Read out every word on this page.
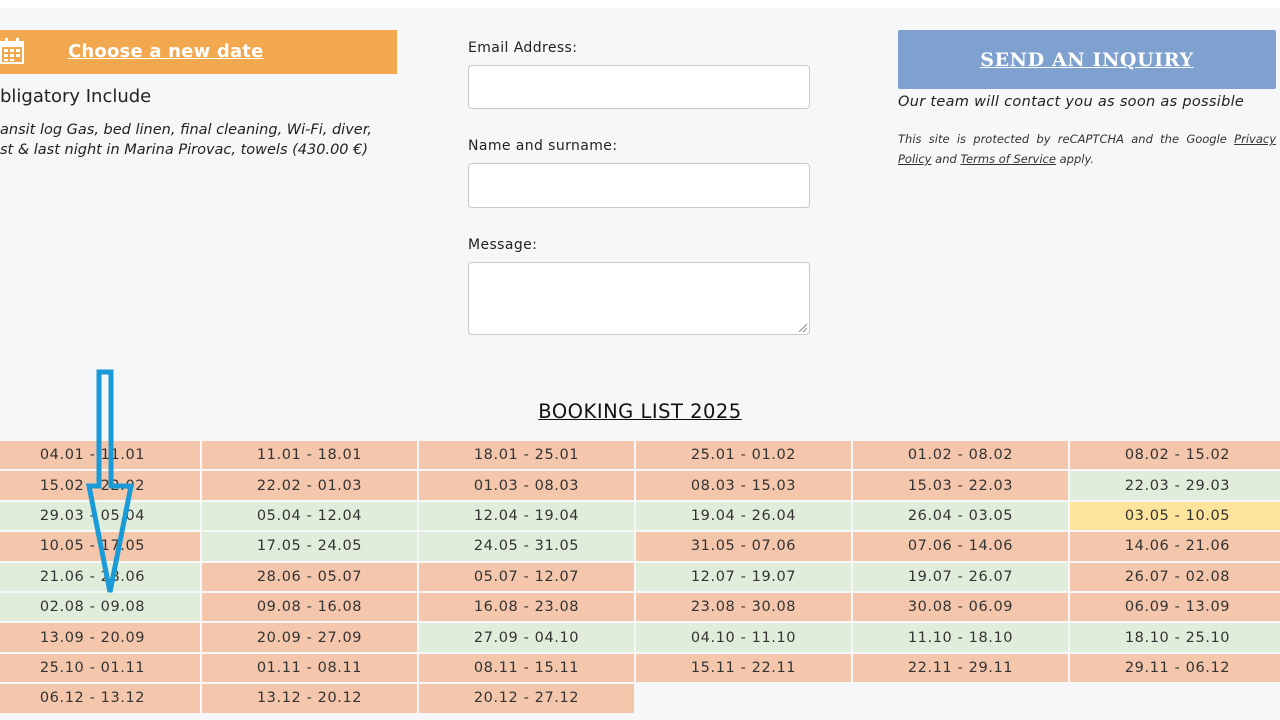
Choose a new date
bligatory Include
ansit log Gas, bed linen, final cleaning, Wi-Fi, diver,
st & last night in Marina Pirovac, towels (430.00 €)
Email Address:
Name and surname:
Message:
SEND AN INQUIRY
Our team will contact you as soon as possible
This site is protected by reCAPTCHA and the Google Privacy Policy and Terms of Service apply.
BOOKING LIST 2025
04.01 - 11.01	11.01 - 18.01	18.01 - 25.01	25.01 - 01.02	01.02 - 08.02	08.02 - 15.02
15.02 - 22.02	22.02 - 01.03	01.03 - 08.03	08.03 - 15.03	15.03 - 22.03	22.03 - 29.03
29.03 - 05.04	05.04 - 12.04	12.04 - 19.04	19.04 - 26.04	26.04 - 03.05	03.05 - 10.05
10.05 - 17.05	17.05 - 24.05	24.05 - 31.05	31.05 - 07.06	07.06 - 14.06	14.06 - 21.06
21.06 - 28.06	28.06 - 05.07	05.07 - 12.07	12.07 - 19.07	19.07 - 26.07	26.07 - 02.08
02.08 - 09.08	09.08 - 16.08	16.08 - 23.08	23.08 - 30.08	30.08 - 06.09	06.09 - 13.09
13.09 - 20.09	20.09 - 27.09	27.09 - 04.10	04.10 - 11.10	11.10 - 18.10	18.10 - 25.10
25.10 - 01.11	01.11 - 08.11	08.11 - 15.11	15.11 - 22.11	22.11 - 29.11	29.11 - 06.12
06.12 - 13.12	13.12 - 20.12	20.12 - 27.12
